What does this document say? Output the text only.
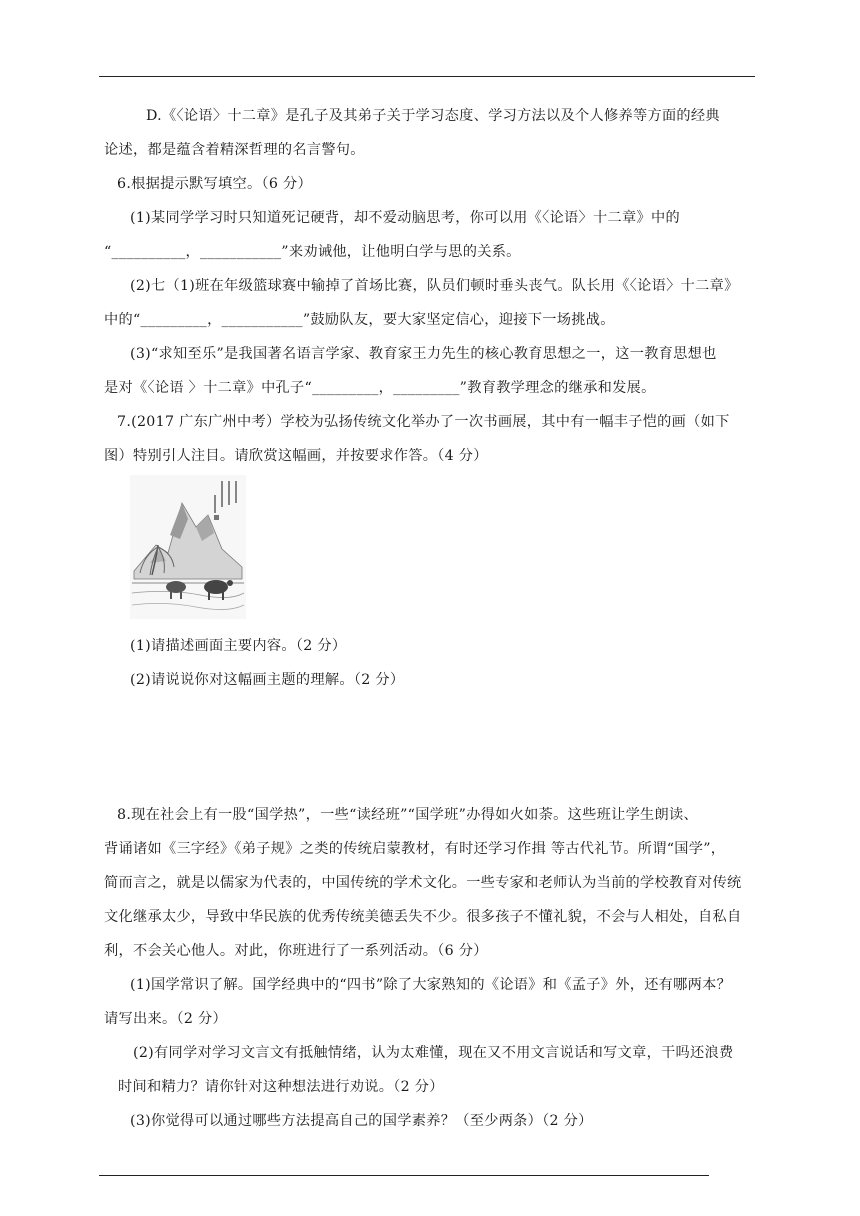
D.《〈论语〉十二章》是孔子及其弟子关于学习态度、学习方法以及个人修养等方面的经典
论述，都是蕴含着精深哲理的名言警句。
6.根据提示默写填空。（6 分）
(1)某同学学习时只知道死记硬背，却不爱动脑思考，你可以用《〈论语〉十二章》中的
“__________，___________”来劝诫他，让他明白学与思的关系。
(2)七（1)班在年级篮球赛中输掉了首场比赛，队员们顿时垂头丧气。队长用《〈论语〉十二章》
中的“_________，___________”鼓励队友，要大家坚定信心，迎接下一场挑战。
(3)“求知至乐”是我国著名语言学家、教育家王力先生的核心教育思想之一，这一教育思想也
是对《〈论语 〉十二章》中孔子“_________，_________”教育教学理念的继承和发展。
7.(2017 广东广州中考）学校为弘扬传统文化举办了一次书画展，其中有一幅丰子恺的画（如下
图）特别引人注目。请欣赏这幅画，并按要求作答。（4 分）
(1)请描述画面主要内容。（2 分）
(2)请说说你对这幅画主题的理解。（2 分）
8.现在社会上有一股“国学热”，一些“读经班”“国学班”办得如火如荼。这些班让学生朗读、
背诵诸如《三字经》《弟子规》之类的传统启蒙教材，有时还学习作揖 等古代礼节。所谓“国学”，
简而言之，就是以儒家为代表的，中国传统的学术文化。一些专家和老师认为当前的学校教育对传统
文化继承太少，导致中华民族的优秀传统美德丢失不少。很多孩子不懂礼貌，不会与人相处，自私自
利，不会关心他人。对此，你班进行了一系列活动。（6 分）
(1)国学常识了解。国学经典中的“四书”除了大家熟知的《论语》和《孟子》外，还有哪两本？
请写出来。（2 分）
(2)有同学对学习文言文有抵触情绪，认为太难懂，现在又不用文言说话和写文章，干吗还浪费
时间和精力？请你针对这种想法进行劝说。（2 分）
(3)你觉得可以通过哪些方法提高自己的国学素养？（至少两条）（2 分）
